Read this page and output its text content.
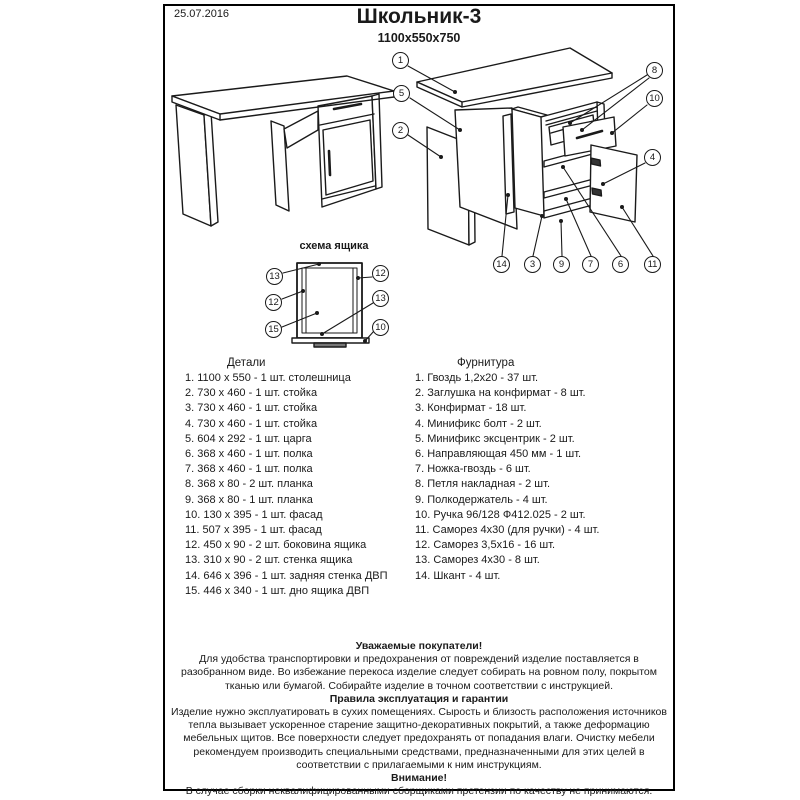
25.07.2016	Школьник-3
1100х550х750
схема ящика
1
8
5	10
2
4
14	3	9	7	6	11
13	12
12	13
15	10
Детали
1. 1100 х 550 - 1 шт. столешница
2. 730 х 460 - 1 шт. стойка
3. 730 х 460 - 1 шт. стойка
4. 730 х 460 - 1 шт. стойка
5. 604 х 292 - 1 шт. царга
6. 368 х 460 - 1 шт. полка
7. 368 х 460 - 1 шт. полка
8. 368 х 80 - 2 шт. планка
9. 368 х 80 - 1 шт. планка
10. 130 х 395 - 1 шт. фасад
11. 507 х 395 - 1 шт. фасад
12. 450 х 90 - 2 шт. боковина ящика
13. 310 х 90 - 2 шт. стенка ящика
14. 646 х 396 - 1 шт. задняя стенка ДВП
15. 446 х 340 - 1 шт. дно ящика ДВП
Фурнитура
1. Гвоздь 1,2х20 - 37 шт.
2. Заглушка на конфирмат - 8 шт.
3. Конфирмат - 18 шт.
4. Минификс болт - 2 шт.
5. Минификс эксцентрик - 2 шт.
6. Направляющая 450 мм - 1 шт.
7. Ножка-гвоздь - 6 шт.
8. Петля накладная - 2 шт.
9. Полкодержатель - 4 шт.
10. Ручка 96/128 Ф412.025 - 2 шт.
11. Саморез 4х30 (для ручки) - 4 шт.
12. Саморез 3,5х16 - 16 шт.
13. Саморез 4х30 - 8 шт.
14. Шкант - 4 шт.
Уважаемые покупатели!
Для удобства транспортировки и предохранения от повреждений изделие поставляется в разобранном виде. Во избежание перекоса изделие следует собирать на ровном полу, покрытом тканью или бумагой. Собирайте изделие в точном соответствии с инструкцией.
Правила эксплуатация и гарантии
Изделие нужно эксплуатировать в сухих помещениях. Сырость и близость расположения источников тепла вызывает ускоренное старение защитно-декоративных покрытий, а также деформацию мебельных щитов. Все поверхности следует предохранять от попадания влаги. Очистку мебели рекомендуем производить специальными средствами, предназначенными для этих целей в соответствии с прилагаемыми к ним инструкциям.
Внимание!
В случае сборки неквалифицированными сборщиками претензии по качеству не принимаются.
